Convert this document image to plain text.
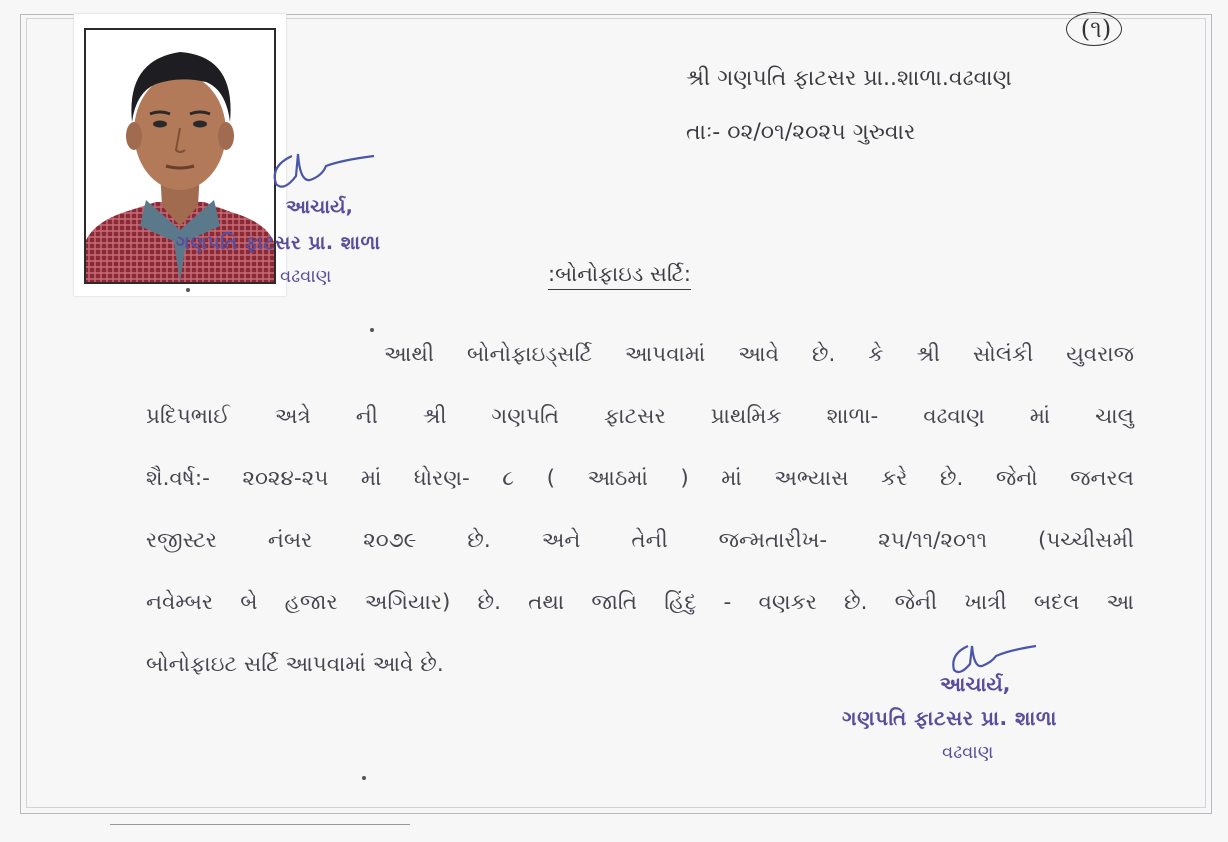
(૧)
શ્રી ગણપતિ ફાટસર પ્રા..શાળા.વઢવાણ
તાઃ- ૦૨/૦૧/૨૦૨૫ ગુરુવાર
આચાર્ય,
ગણપતિ ફાટસર પ્રા. શાળા
વઢવાણ	:બોનોફાઇડ સર્ટિ:
આથી બોનોફાઇડ્સર્ટિ આપવામાં આવે છે. કે શ્રી સોલંકી યુવરાજ
પ્રદિપભાઈ અત્રે ની શ્રી ગણપતિ ફાટસર પ્રાથમિક શાળા- વઢવાણ માં ચાલુ
શૈ.વર્ષ:- ૨૦૨૪-૨૫ માં ધોરણ- ૮ ( આઠમાં ) માં અભ્યાસ કરે છે. જેનો જનરલ
રજીસ્ટર નંબર ૨૦૭૯ છે. અને તેની જન્મતારીખ- ૨૫/૧૧/૨૦૧૧ (પચ્ચીસમી
નવેમ્બર બે હજાર અગિયાર) છે. તથા જાતિ હિંદુ - વણકર છે. જેની ખાત્રી બદલ આ
બોનોફાઇટ સર્ટિ આપવામાં આવે છે.
આચાર્ય,
ગણપતિ ફાટસર પ્રા. શાળા
વઢવાણ
